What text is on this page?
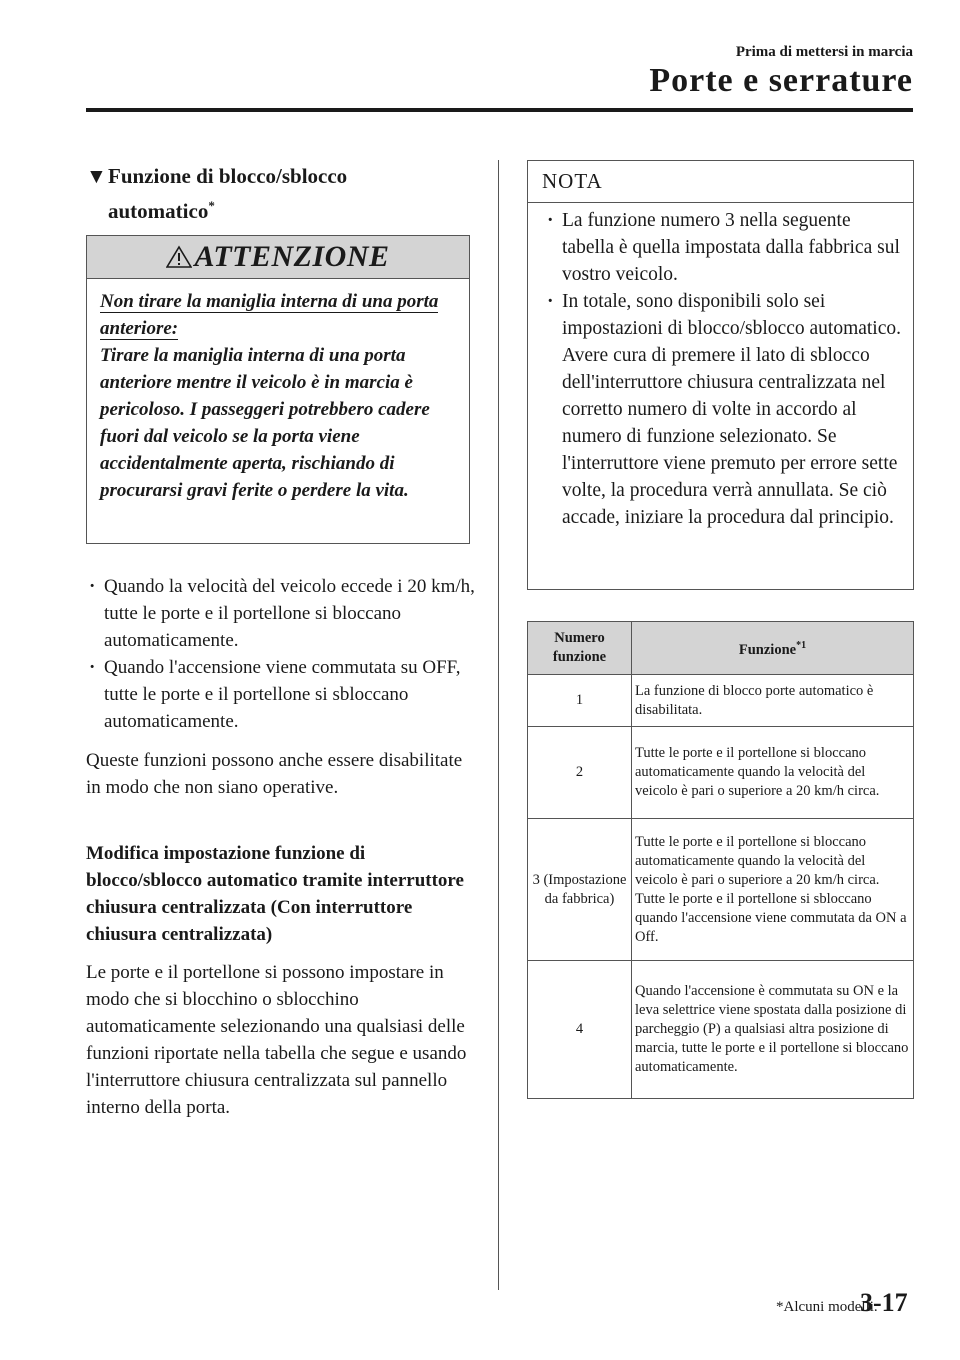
Prima di mettersi in marcia
Porte e serrature
▼Funzione di blocco/sblocco
automatico*
ATTENZIONE
Non tirare la maniglia interna di una porta anteriore:
Tirare la maniglia interna di una porta anteriore mentre il veicolo è in marcia è pericoloso. I passeggeri potrebbero cadere fuori dal veicolo se la porta viene accidentalmente aperta, rischiando di procurarsi gravi ferite o perdere la vita.
· Quando la velocità del veicolo eccede i 20 km/h, tutte le porte e il portellone si bloccano automaticamente.
· Quando l'accensione viene commutata su OFF, tutte le porte e il portellone si sbloccano automaticamente.
Queste funzioni possono anche essere disabilitate in modo che non siano operative.
Modifica impostazione funzione di blocco/sblocco automatico tramite interruttore chiusura centralizzata (Con interruttore chiusura centralizzata)
Le porte e il portellone si possono impostare in modo che si blocchino o sblocchino automaticamente selezionando una qualsiasi delle funzioni riportate nella tabella che segue e usando l'interruttore chiusura centralizzata sul pannello interno della porta.
NOTA
· La funzione numero 3 nella seguente tabella è quella impostata dalla fabbrica sul vostro veicolo.
· In totale, sono disponibili solo sei impostazioni di blocco/sblocco automatico. Avere cura di premere il lato di sblocco dell'interruttore chiusura centralizzata nel corretto numero di volte in accordo al numero di funzione selezionato. Se l'interruttore viene premuto per errore sette volte, la procedura verrà annullata. Se ciò accade, iniziare la procedura dal principio.
Numero funzione	Funzione$^{*1}$
1	La funzione di blocco porte automatico è disabilitata.
2	Tutte le porte e il portellone si bloccano automaticamente quando la velocità del veicolo è pari o superiore a 20 km/h circa.
3 (Impostazione da fabbrica)	Tutte le porte e il portellone si bloccano automaticamente quando la velocità del veicolo è pari o superiore a 20 km/h circa. Tutte le porte e il portellone si sbloccano quando l'accensione viene commutata da ON a Off.
4	Quando l'accensione è commutata su ON e la leva selettrice viene spostata dalla posizione di parcheggio (P) a qualsiasi altra posizione di marcia, tutte le porte e il portellone si bloccano automaticamente.
*Alcuni modelli.
3-17
